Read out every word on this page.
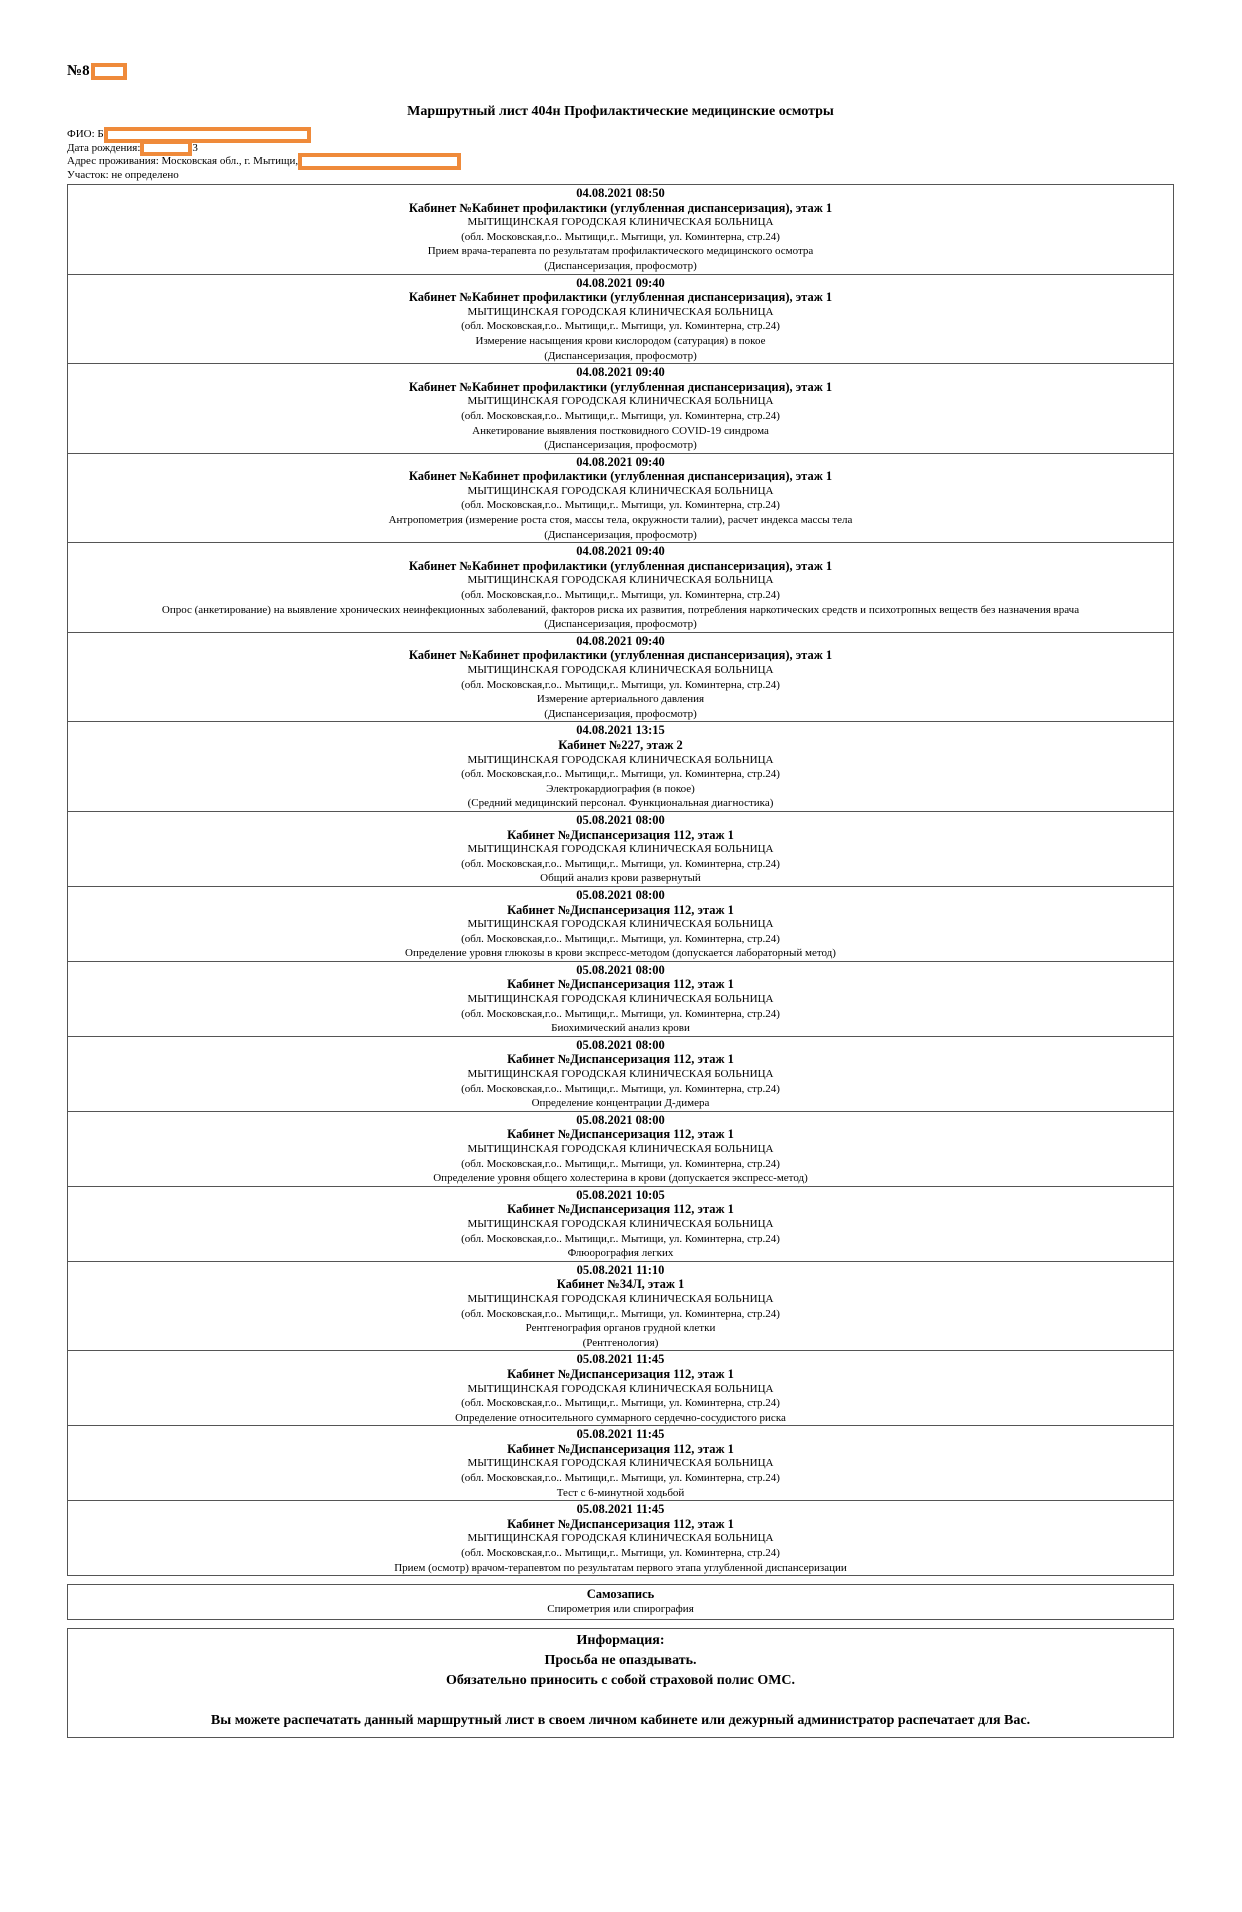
№8
Маршрутный лист 404н Профилактические медицинские осмотры
ФИО: Б
Дата рождения:	3
Адрес проживания: Московская обл., г. Мытищи,
Участок: не определено
04.08.2021 08:50
Кабинет №Кабинет профилактики (углубленная диспансеризация), этаж 1
МЫТИЩИНСКАЯ ГОРОДСКАЯ КЛИНИЧЕСКАЯ БОЛЬНИЦА
(обл. Московская,г.о.. Мытищи,г.. Мытищи, ул. Коминтерна, стр.24)
Прием врача-терапевта по результатам профилактического медицинского осмотра
(Диспансеризация, профосмотр)
04.08.2021 09:40
Кабинет №Кабинет профилактики (углубленная диспансеризация), этаж 1
МЫТИЩИНСКАЯ ГОРОДСКАЯ КЛИНИЧЕСКАЯ БОЛЬНИЦА
(обл. Московская,г.о.. Мытищи,г.. Мытищи, ул. Коминтерна, стр.24)
Измерение насыщения крови кислородом (сатурация) в покое
(Диспансеризация, профосмотр)
04.08.2021 09:40
Кабинет №Кабинет профилактики (углубленная диспансеризация), этаж 1
МЫТИЩИНСКАЯ ГОРОДСКАЯ КЛИНИЧЕСКАЯ БОЛЬНИЦА
(обл. Московская,г.о.. Мытищи,г.. Мытищи, ул. Коминтерна, стр.24)
Анкетирование выявления постковидного COVID-19 синдрома
(Диспансеризация, профосмотр)
04.08.2021 09:40
Кабинет №Кабинет профилактики (углубленная диспансеризация), этаж 1
МЫТИЩИНСКАЯ ГОРОДСКАЯ КЛИНИЧЕСКАЯ БОЛЬНИЦА
(обл. Московская,г.о.. Мытищи,г.. Мытищи, ул. Коминтерна, стр.24)
Антропометрия (измерение роста стоя, массы тела, окружности талии), расчет индекса массы тела
(Диспансеризация, профосмотр)
04.08.2021 09:40
Кабинет №Кабинет профилактики (углубленная диспансеризация), этаж 1
МЫТИЩИНСКАЯ ГОРОДСКАЯ КЛИНИЧЕСКАЯ БОЛЬНИЦА
(обл. Московская,г.о.. Мытищи,г.. Мытищи, ул. Коминтерна, стр.24)
Опрос (анкетирование) на выявление хронических неинфекционных заболеваний, факторов риска их развития, потребления наркотических средств и психотропных веществ без назначения врача
(Диспансеризация, профосмотр)
04.08.2021 09:40
Кабинет №Кабинет профилактики (углубленная диспансеризация), этаж 1
МЫТИЩИНСКАЯ ГОРОДСКАЯ КЛИНИЧЕСКАЯ БОЛЬНИЦА
(обл. Московская,г.о.. Мытищи,г.. Мытищи, ул. Коминтерна, стр.24)
Измерение артериального давления
(Диспансеризация, профосмотр)
04.08.2021 13:15
Кабинет №227, этаж 2
МЫТИЩИНСКАЯ ГОРОДСКАЯ КЛИНИЧЕСКАЯ БОЛЬНИЦА
(обл. Московская,г.о.. Мытищи,г.. Мытищи, ул. Коминтерна, стр.24)
Электрокардиография (в покое)
(Средний медицинский персонал. Функциональная диагностика)
05.08.2021 08:00
Кабинет №Диспансеризация 112, этаж 1
МЫТИЩИНСКАЯ ГОРОДСКАЯ КЛИНИЧЕСКАЯ БОЛЬНИЦА
(обл. Московская,г.о.. Мытищи,г.. Мытищи, ул. Коминтерна, стр.24)
Общий анализ крови развернутый
05.08.2021 08:00
Кабинет №Диспансеризация 112, этаж 1
МЫТИЩИНСКАЯ ГОРОДСКАЯ КЛИНИЧЕСКАЯ БОЛЬНИЦА
(обл. Московская,г.о.. Мытищи,г.. Мытищи, ул. Коминтерна, стр.24)
Определение уровня глюкозы в крови экспресс-методом (допускается лабораторный метод)
05.08.2021 08:00
Кабинет №Диспансеризация 112, этаж 1
МЫТИЩИНСКАЯ ГОРОДСКАЯ КЛИНИЧЕСКАЯ БОЛЬНИЦА
(обл. Московская,г.о.. Мытищи,г.. Мытищи, ул. Коминтерна, стр.24)
Биохимический анализ крови
05.08.2021 08:00
Кабинет №Диспансеризация 112, этаж 1
МЫТИЩИНСКАЯ ГОРОДСКАЯ КЛИНИЧЕСКАЯ БОЛЬНИЦА
(обл. Московская,г.о.. Мытищи,г.. Мытищи, ул. Коминтерна, стр.24)
Определение концентрации Д-димера
05.08.2021 08:00
Кабинет №Диспансеризация 112, этаж 1
МЫТИЩИНСКАЯ ГОРОДСКАЯ КЛИНИЧЕСКАЯ БОЛЬНИЦА
(обл. Московская,г.о.. Мытищи,г.. Мытищи, ул. Коминтерна, стр.24)
Определение уровня общего холестерина в крови (допускается экспресс-метод)
05.08.2021 10:05
Кабинет №Диспансеризация 112, этаж 1
МЫТИЩИНСКАЯ ГОРОДСКАЯ КЛИНИЧЕСКАЯ БОЛЬНИЦА
(обл. Московская,г.о.. Мытищи,г.. Мытищи, ул. Коминтерна, стр.24)
Флюорография легких
05.08.2021 11:10
Кабинет №34Л, этаж 1
МЫТИЩИНСКАЯ ГОРОДСКАЯ КЛИНИЧЕСКАЯ БОЛЬНИЦА
(обл. Московская,г.о.. Мытищи,г.. Мытищи, ул. Коминтерна, стр.24)
Рентгенография органов грудной клетки
(Рентгенология)
05.08.2021 11:45
Кабинет №Диспансеризация 112, этаж 1
МЫТИЩИНСКАЯ ГОРОДСКАЯ КЛИНИЧЕСКАЯ БОЛЬНИЦА
(обл. Московская,г.о.. Мытищи,г.. Мытищи, ул. Коминтерна, стр.24)
Определение относительного суммарного сердечно-сосудистого риска
05.08.2021 11:45
Кабинет №Диспансеризация 112, этаж 1
МЫТИЩИНСКАЯ ГОРОДСКАЯ КЛИНИЧЕСКАЯ БОЛЬНИЦА
(обл. Московская,г.о.. Мытищи,г.. Мытищи, ул. Коминтерна, стр.24)
Тест с 6-минутной ходьбой
05.08.2021 11:45
Кабинет №Диспансеризация 112, этаж 1
МЫТИЩИНСКАЯ ГОРОДСКАЯ КЛИНИЧЕСКАЯ БОЛЬНИЦА
(обл. Московская,г.о.. Мытищи,г.. Мытищи, ул. Коминтерна, стр.24)
Прием (осмотр) врачом-терапевтом по результатам первого этапа углубленной диспансеризации
Самозапись
Спирометрия или спирография
Информация:
Просьба не опаздывать.
Обязательно приносить с собой страховой полис ОМС.
Вы можете распечатать данный маршрутный лист в своем личном кабинете или дежурный администратор распечатает для Вас.
